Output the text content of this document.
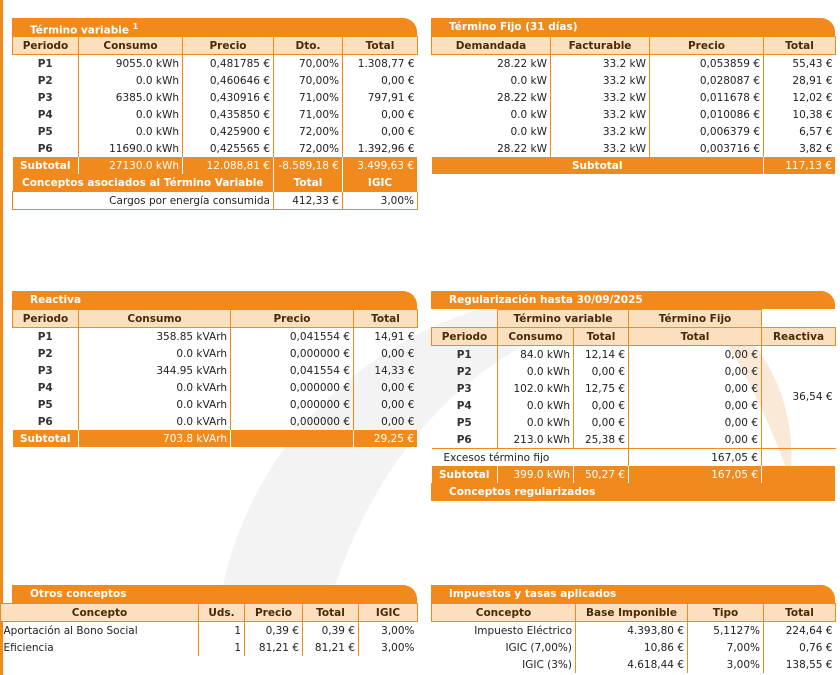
Término variable $^1$
Periodo	Consumo	Precio	Dto.	Total
P1	9055.0 kWh	0,481785 €	70,00%	1.308,77 €
P2	0.0 kWh	0,460646 €	70,00%	0,00 €
P3	6385.0 kWh	0,430916 €	71,00%	797,91 €
P4	0.0 kWh	0,435850 €	71,00%	0,00 €
P5	0.0 kWh	0,425900 €	72,00%	0,00 €
P6	11690.0 kWh	0,425565 €	72,00%	1.392,96 €
Subtotal	27130.0 kWh	12.088,81 €	-8.589,18 €	3.499,63 €
Conceptos asociados al Término Variable	Total	IGIC
Cargos por energía consumida	412,33 €	3,00%
Término Fijo (31 días)
Demandada	Facturable	Precio	Total
28.22 kW	33.2 kW	0,053859 €	55,43 €
0.0 kW	33.2 kW	0,028087 €	28,91 €
28.22 kW	33.2 kW	0,011678 €	12,02 €
0.0 kW	33.2 kW	0,010086 €	10,38 €
0.0 kW	33.2 kW	0,006379 €	6,57 €
28.22 kW	33.2 kW	0,003716 €	3,82 €
Subtotal			117,13 €
Reactiva
Periodo	Consumo	Precio	Total
P1	358.85 kVArh	0,041554 €	14,91 €
P2	0.0 kVArh	0,000000 €	0,00 €
P3	344.95 kVArh	0,041554 €	14,33 €
P4	0.0 kVArh	0,000000 €	0,00 €
P5	0.0 kVArh	0,000000 €	0,00 €
P6	0.0 kVArh	0,000000 €	0,00 €
Subtotal	703.8 kVArh		29,25 €
Regularización hasta 30/09/2025
	Término variable		Término Fijo	
Periodo	Consumo	Total	Total	Reactiva
P1	84.0 kWh	12,14 €	0,00 €	36,54 €
P2	0.0 kWh	0,00 €	0,00 €	
P3	102.0 kWh	12,75 €	0,00 €	
P4	0.0 kWh	0,00 €	0,00 €	
P5	0.0 kWh	0,00 €	0,00 €	
P6	213.0 kWh	25,38 €	0,00 €	
Excesos término fijo			167,05 €	
Subtotal	399.0 kWh	50,27 €	167,05 €	
Conceptos regularizados
Otros conceptos
Concepto	Uds.	Precio	Total	IGIC
Aportación al Bono Social	1	0,39 €	0,39 €	3,00%
Eficiencia	1	81,21 €	81,21 €	3,00%
Impuestos y tasas aplicados
Concepto	Base Imponible	Tipo	Total
Impuesto Eléctrico	4.393,80 €	5,1127%	224,64 €
IGIC (7,00%)	10,86 €	7,00%	0,76 €
IGIC (3%)	4.618,44 €	3,00%	138,55 €
